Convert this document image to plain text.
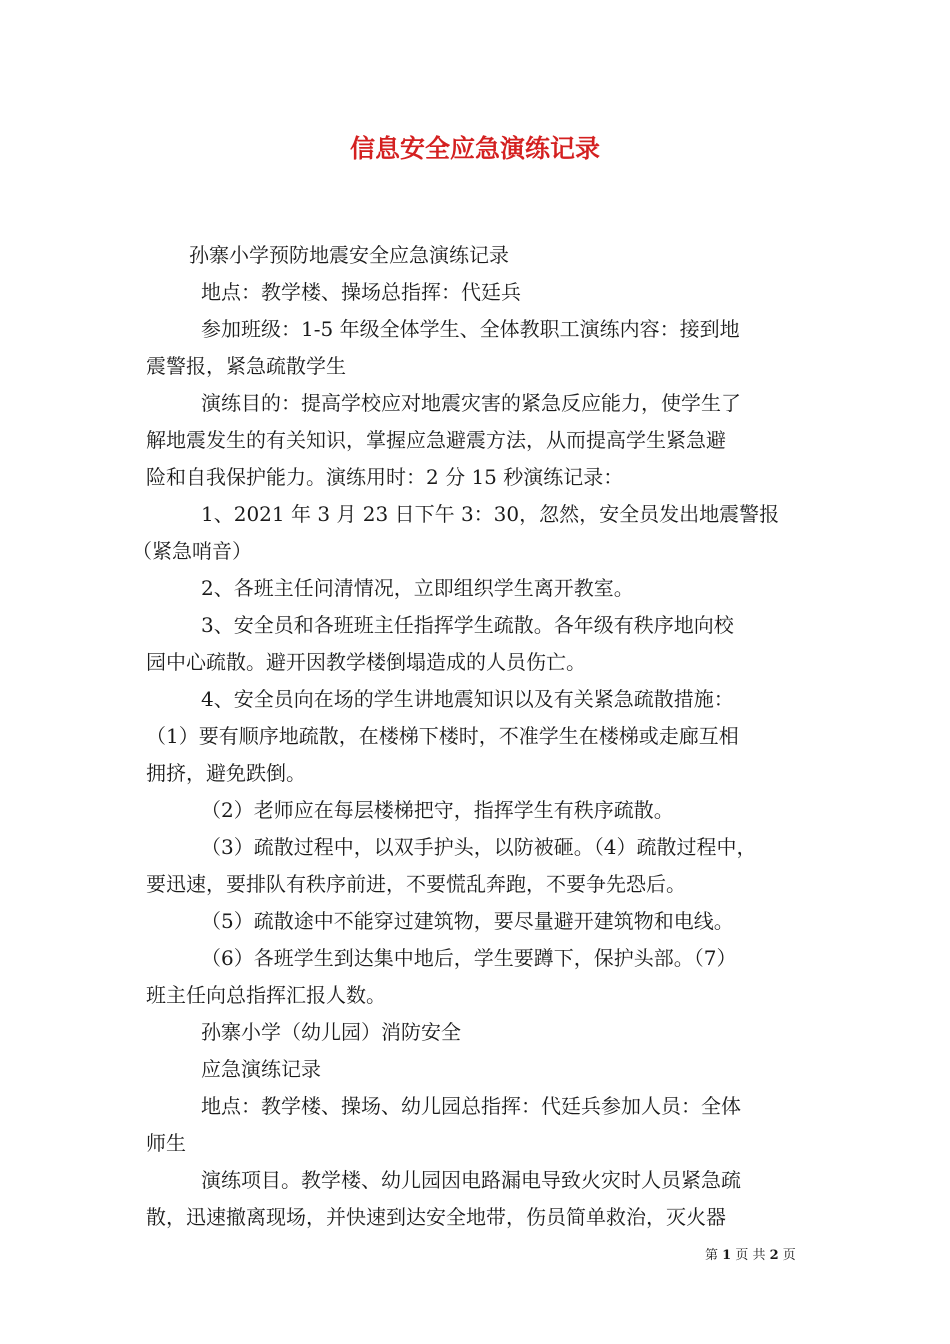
信息安全应急演练记录
孙寨小学预防地震安全应急演练记录
地点：教学楼、操场总指挥：代廷兵
参加班级：1-5 年级全体学生、全体教职工演练内容：接到地
震警报，紧急疏散学生
演练目的：提高学校应对地震灾害的紧急反应能力，使学生了
解地震发生的有关知识，掌握应急避震方法，从而提高学生紧急避
险和自我保护能力。演练用时：2 分 15 秒演练记录：
1、2021 年 3 月 23 日下午 3：30，忽然，安全员发出地震警报
（紧急哨音）
2、各班主任问清情况，立即组织学生离开教室。
3、安全员和各班班主任指挥学生疏散。各年级有秩序地向校
园中心疏散。避开因教学楼倒塌造成的人员伤亡。
4、安全员向在场的学生讲地震知识以及有关紧急疏散措施：
（1）要有顺序地疏散，在楼梯下楼时，不准学生在楼梯或走廊互相
拥挤，避免跌倒。
（2）老师应在每层楼梯把守，指挥学生有秩序疏散。
（3）疏散过程中，以双手护头，以防被砸。（4）疏散过程中，
要迅速，要排队有秩序前进，不要慌乱奔跑，不要争先恐后。
（5）疏散途中不能穿过建筑物，要尽量避开建筑物和电线。
（6）各班学生到达集中地后，学生要蹲下，保护头部。（7）
班主任向总指挥汇报人数。
孙寨小学（幼儿园）消防安全
应急演练记录
地点：教学楼、操场、幼儿园总指挥：代廷兵参加人员：全体
师生
演练项目。教学楼、幼儿园因电路漏电导致火灾时人员紧急疏
散，迅速撤离现场，并快速到达安全地带，伤员简单救治，灭火器
第 1 页 共 2 页
